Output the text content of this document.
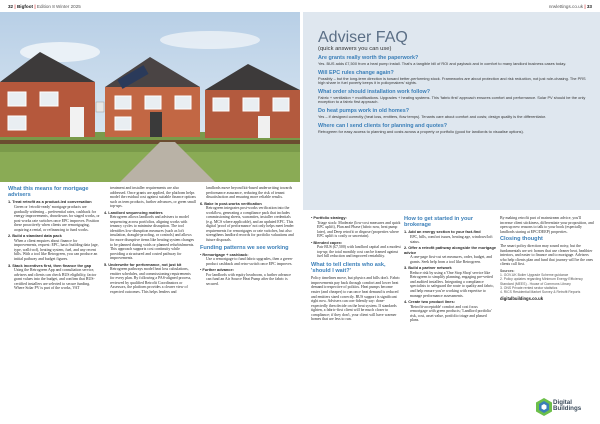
32 | Bigfoot | Edition 8 Winter 2025	nrwlettings.co.uk | 33
Adviser FAQ
(quick answers you can use)
Are grants really worth the paperwork?
Yes. BUS adds £7,500 from a heat pump install. That's a tangible bill of ROI and payback and in comfort to many landlord business cases today.
Will EPC rules change again?
Possibly – but the long-term direction is toward better-performing stock. Frameworks are about protection and risk reduction, not just rule-chasing. The PRS high share in fuel poverty keeps it in policymakers' sights.
What order should installation work follow?
Fabric + ventilation + modifications. Upgrades + heating systems. This 'fabric first' approach ensures comfort and performance. Solar PV should be the only exception to a fabric first approach.
Do heat pumps work in old homes?
Yes – if designed correctly (heat loss, emitters, flow temps). Tenants care about comfort and costs; design quality is the differentiator.
Where can I send clients for planning and quotes?
Retrogreen for easy access to planning and costs across a property or portfolio (good for landlords to visualise options).
What this means for mortgage advisers
1. Treat retrofit as a product-led conversation
Green or 'retrofit-ready' mortgage products are gradually widening – preferential rates, cashback for energy improvements, drawdowns for staged works, or post-works rate switches once EPC improves. Position these proactively when clients are remortgaging, acquiring a rental, or refinancing to fund works.
2. Build a standard data pack
When a client enquires about finance for improvements, request: EPC, basic building data (age, type, wall/roof), heating system, fuel, and any recent bills. With a tool like Retrogreen, you can produce an initial pathway and budget figures.
3. Stack incentives first, then finance the gap
Using the Retrogreen App and consultation service, advisers and clients can check BUS eligibility, factor grant values into the budget, and confirm that BUS-certified installers are selected to secure funding. Where Solar PV is part of the works, VAT

treatment and installer requirements are also addressed. Once grants are applied, the platform helps model the residual cost against suitable finance options such as term products, further advances, or green small top-ups.

4. Landlord sequencing matters
Retrogreen allows landlords and advisers to model sequencing across portfolios, aligning works with tenancy cycles to minimise disruption. The tool identifies low-disruption measures (such as loft insulation, draught-proofing, or controls) and allows for more disruptive items like heating system changes to be planned during voids or planned refurbishments. This approach supports cost continuity while providing a structured and costed pathway for improvements.
5. Underwrite for performance, not just kit
Retrogreen pathways model heat loss calculations, emitter schedules, and commissioning requirements for every plan. By following a PAS-aligned process, reviewed by qualified Retrofit Coordinators or Assessors, the platform provides a clearer view of expected outcomes. This helps lenders and

landlords move beyond kit-based underwriting towards performance assurance, reducing the risk of tenant dissatisfaction and ensuring more reliable results.

6. Bake in post-works verification
Retrogreen integrates post-works verification into the workflow, generating a compliance pack that includes commissioning sheets, warranties, installer credentials (e.g. MCS where applicable), and an updated EPC. This digital 'proof of performance' not only helps meet lender requirements for remortgages or rate switches, but also strengthens landlord records for portfolio valuations and future disposals.
Funding patterns we see working
• Remortgage + cashback:
Use a remortgage to fund fabric upgrades, then a green-product cashback and retro-switch once EPC improves.
• Further advance:
For landlords with equity headroom, a further advance can fund an Air Source Heat Pump after the fabric is secured.
• Portfolio strategy:
Triage stock: Moderate (low-cost measures and quick EPC uplift), Plan and Phase (fabric now, heat pump later), and Deep retrofit or dispose (properties where EPC uplift is costly or uncertain).
• Blended capex:
Pair BUS (£7,500) with landlord capital and a modest top-up; the total monthly cost can be framed against fuel bill reduction and improved rentability.
What to tell clients who ask, 'should I wait?'

Policy timelines move, but physics and bills don't. Fabric improvements pay back through comfort and lower heat demand irrespective of politics. Heat pumps become easier (and cheaper) to run once heat demand is reduced and emitters sized correctly. BUS support is significant right now. Advisers can con-fidently say: done-expectedly then decide on the heat system. If standards tighten, a fabric-first client will be much closer to compliance; if they don't, your client will have warmer homes that are less to run.

How to get started in your brokerage
1. Add an energy section to your fact-find
EPC, bills, comfort issues, heating age, windows/loft status.
2. Offer a retrofit pathway alongside the mortgage advice
A one-page first-cut set measures, order, budget, and grants. Seek help from a tool like Retrogreen.
3. Build a partner network
Reduce risk by using a 'One Stop Shop' service like Retrogreen to simplify planning, engaging pre-vetted and audited installers. Integrating a compliance specialists to safeguard the route to quality and fabric, and help ensure you're working with expertise to manage performance assessments.
4. Create two product lines:
'Retrofit-acceptable' comfort and cost focus remortgage with green products; 'Landlord portfolio' risk, cost, asset value, portfolio triage and phased plans.

By making retrofit part of mainstream advice, you'll increase client stickiness, differentiate your proposition, and open up new reasons to talk to your book (especially landlords staring at EPC/DEEP) properties.

Closing thought

The smart policy direction may sound noisy, but the fundamentals are set: homes that use cleaner heat, healthier interiors, and easier to finance and to mortgage. Advisers who help clients plan and fund that journey will be the ones clients call first.

Sources:
1. GOV.UK Boiler Upgrade Scheme guidance
2. Policy updates regarding Minimum Energy Efficiency Standard (MEES) - House of Commons Library
3. ONS Private rented sector statistics
4. RICS Residential Market Survey & Retrofit Reports
digitalbuildings.co.uk
Digital
Buildings
